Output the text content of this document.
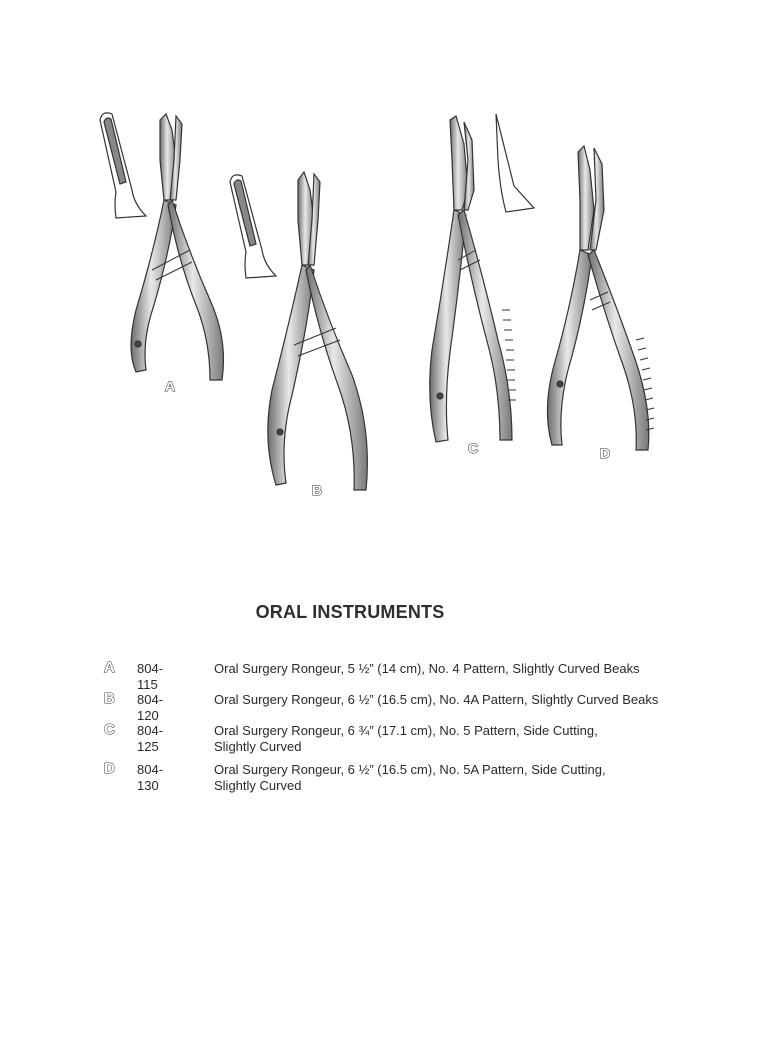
A
B
C	D
ORAL INSTRUMENTS
A 804-115
Oral Surgery Rongeur, 5 ½” (14 cm), No. 4 Pattern, Slightly Curved Beaks
B 804-120
Oral Surgery Rongeur, 6 ½” (16.5 cm), No. 4A Pattern, Slightly Curved Beaks
C 804-125
Oral Surgery Rongeur, 6 ¾” (17.1 cm), No. 5 Pattern, Side Cutting,
Slightly Curved
D 804-130
Oral Surgery Rongeur, 6 ½” (16.5 cm), No. 5A Pattern, Side Cutting,
Slightly Curved
